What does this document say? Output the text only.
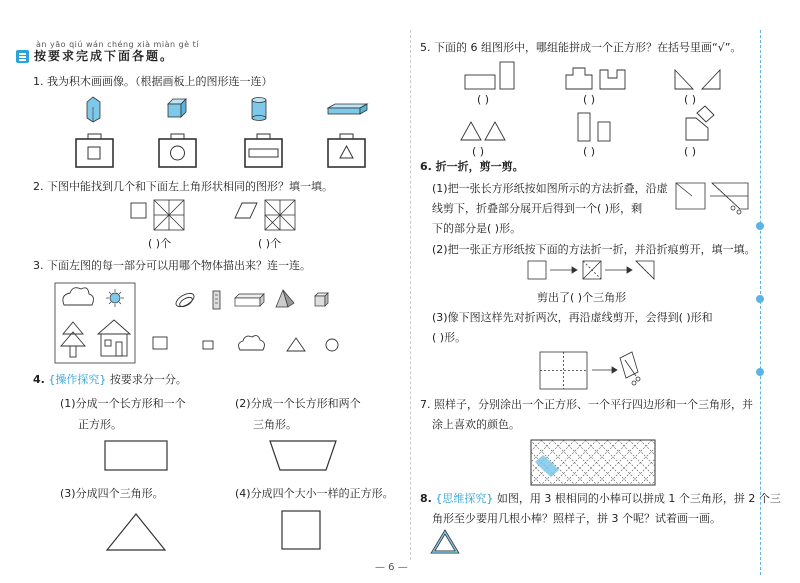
àn yāo qiú wán chéng xià miàn gè tí
按要求完成下面各题。
1. 我为积木画画像。（根据画板上的图形连一连）
2. 下图中能找到几个和下面左上角形状相同的图形？填一填。
( )个	( )个
3. 下面左图的每一部分可以用哪个物体描出来？连一连。
4. {操作探究} 按要求分一分。
(1)分成一个长方形和一个
正方形。
(2)分成一个长方形和两个
三角形。
(3)分成四个三角形。	(4)分成四个大小一样的正方形。
5. 下面的 6 组图形中，哪组能拼成一个正方形？在括号里画“√”。
( )	( )	( )
( )	( )	( )
6. 折一折，剪一剪。
(1)把一张长方形纸按如图所示的方法折叠，沿虚
线剪下，折叠部分展开后得到一个( )形，剩
下的部分是( )形。
(2)把一张正方形纸按下面的方法折一折，并沿折痕剪开，填一填。
剪出了( )个三角形
(3)像下图这样先对折两次，再沿虚线剪开，会得到( )形和
( )形。
7. 照样子，分别涂出一个正方形、一个平行四边形和一个三角形，并
涂上喜欢的颜色。
8. {思维探究} 如图，用 3 根相同的小棒可以拼成 1 个三角形，拼 2 个三
角形至少要用几根小棒？照样子，拼 3 个呢？试着画一画。
— 6 —
